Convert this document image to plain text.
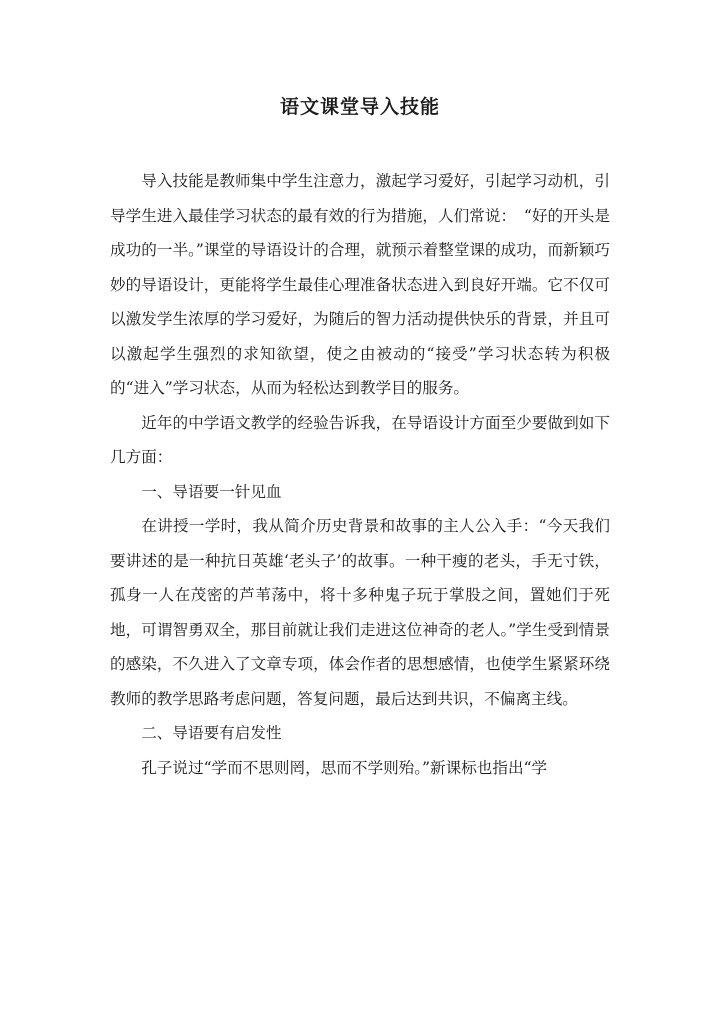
语文课堂导入技能

导入技能是教师集中学生注意力，激起学习爱好，引起学习动机，引导学生进入最佳学习状态的最有效的行为措施，人们常说：　“好的开头是成功的一半。”课堂的导语设计的合理，就预示着整堂课的成功，而新颖巧妙的导语设计，更能将学生最佳心理准备状态进入到良好开端。它不仅可以激发学生浓厚的学习爱好，为随后的智力活动提供快乐的背景，并且可以激起学生强烈的求知欲望，使之由被动的“接受”学习状态转为积极的“进入”学习状态，从而为轻松达到教学目的服务。

近年的中学语文教学的经验告诉我，在导语设计方面至少要做到如下几方面：

一、导语要一针见血

在讲授一学时，我从简介历史背景和故事的主人公入手：“今天我们要讲述的是一种抗日英雄‘老头子’的故事。一种干瘦的老头，手无寸铁，孤身一人在茂密的芦苇荡中，将十多种鬼子玩于掌股之间，置她们于死地，可谓智勇双全，那目前就让我们走进这位神奇的老人。”学生受到情景的感染，不久进入了文章专项，体会作者的思想感情，也使学生紧紧环绕教师的教学思路考虑问题，答复问题，最后达到共识，不偏离主线。

二、导语要有启发性

孔子说过“学而不思则罔，思而不学则殆。”新课标也指出“学
